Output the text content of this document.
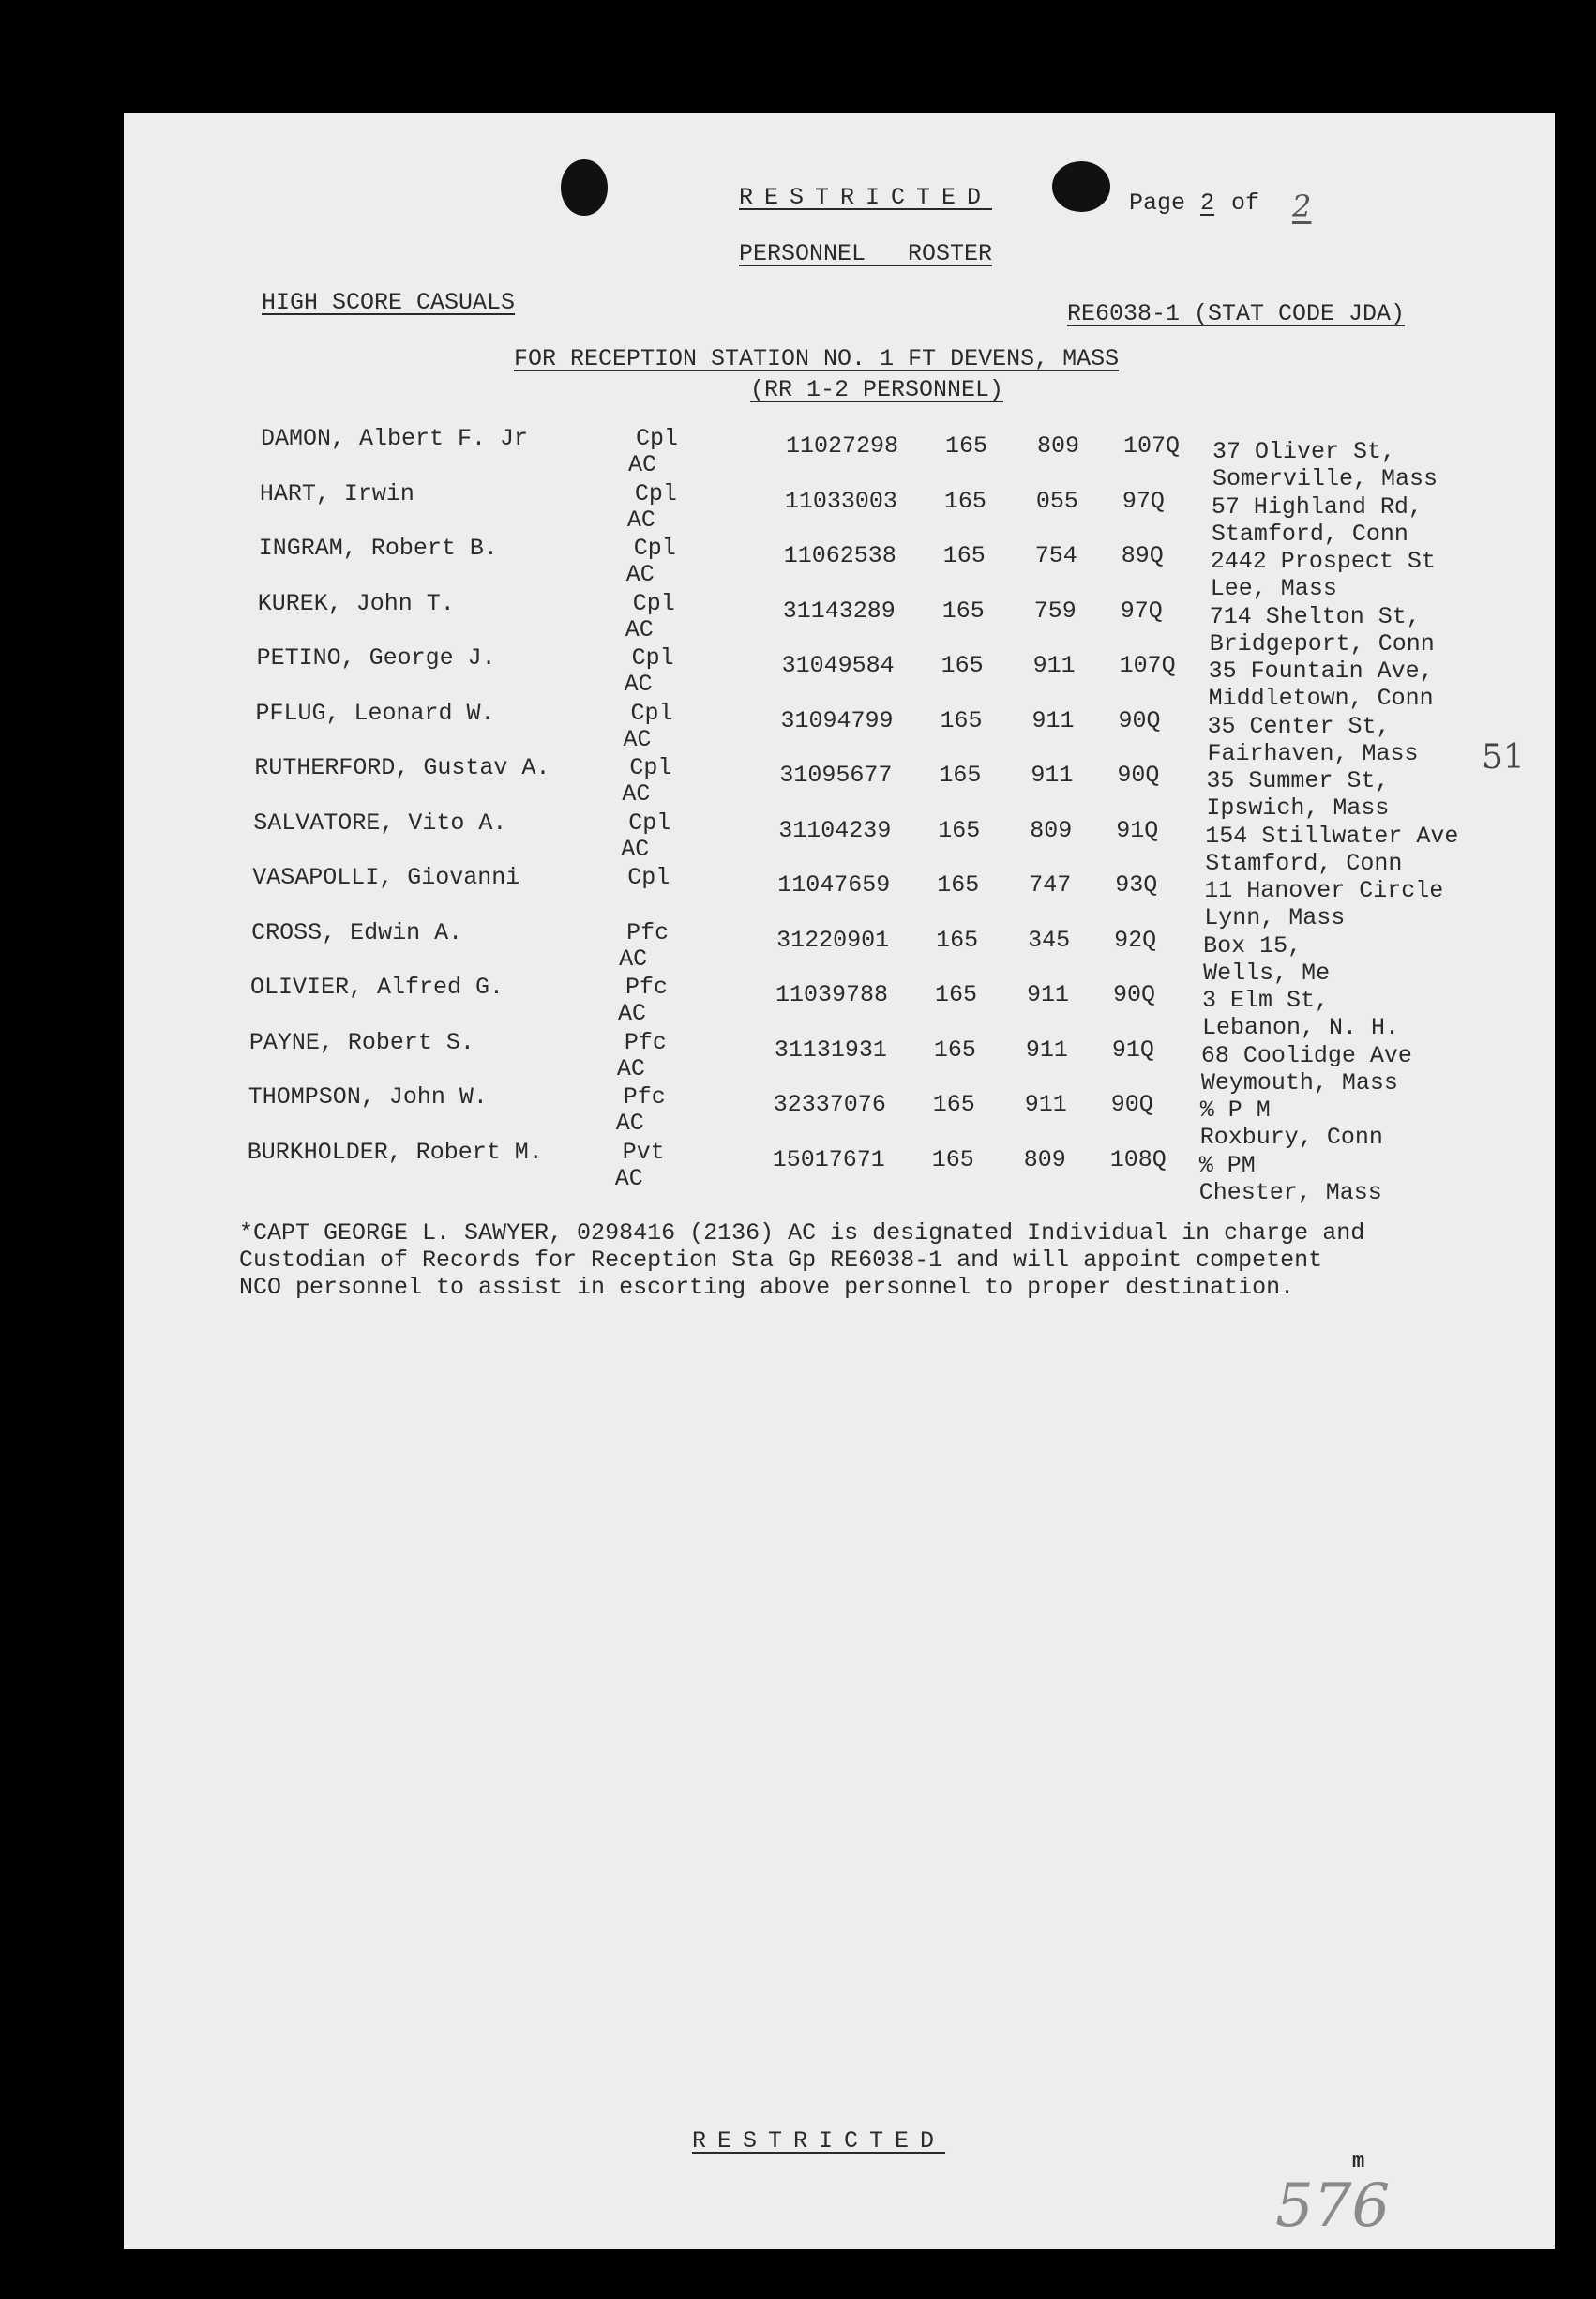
RESTRICTED	Page 2 of	2
PERSONNEL   ROSTER
HIGH SCORE CASUALS	RE6038-1 (STAT CODE JDA)
FOR RECEPTION STATION NO. 1 FT DEVENS, MASS
(RR 1-2 PERSONNEL)
DAMON, Albert F. Jr	Cpl	11027298 165 809 107Q
AC	37 Oliver St,
Somerville, Mass
HART, Irwin	Cpl	11033003 165 055 97Q
AC	57 Highland Rd,
Stamford, Conn
INGRAM, Robert B.	Cpl	11062538 165 754 89Q
AC	2442 Prospect St
Lee, Mass
KUREK, John T.	Cpl	31143289 165 759 97Q
AC	714 Shelton St,
Bridgeport, Conn
PETINO, George J.	Cpl	31049584 165 911 107Q
AC	35 Fountain Ave,
Middletown, Conn
PFLUG, Leonard W.	Cpl	31094799 165 911 90Q
AC	35 Center St,
Fairhaven, Mass
RUTHERFORD, Gustav A.	Cpl	31095677 165 911 90Q
AC	35 Summer St,
Ipswich, Mass
SALVATORE, Vito A.	Cpl	31104239 165 809 91Q
AC	154 Stillwater Ave
Stamford, Conn
VASAPOLLI, Giovanni	Cpl	11047659 165 747 93Q 11 Hanover Circle
Lynn, Mass
CROSS, Edwin A.	Pfc	31220901 165 345 92Q
AC	Box 15,
Wells, Me
OLIVIER, Alfred G.	Pfc	11039788 165 911 90Q
AC	3 Elm St,
Lebanon, N. H.
PAYNE, Robert S.	Pfc	31131931 165 911 91Q
AC	68 Coolidge Ave
Weymouth, Mass
THOMPSON, John W.	Pfc	32337076 165 911 90Q
AC	% P M
Roxbury, Conn
BURKHOLDER, Robert M.	Pvt	15017671 165 809 108Q
AC	% PM
Chester, Mass
51
*CAPT GEORGE L. SAWYER, 0298416 (2136) AC is designated Individual in charge and
Custodian of Records for Reception Sta Gp RE6038-1 and will appoint competent
NCO personnel to assist in escorting above personnel to proper destination.
RESTRICTED
m
576
